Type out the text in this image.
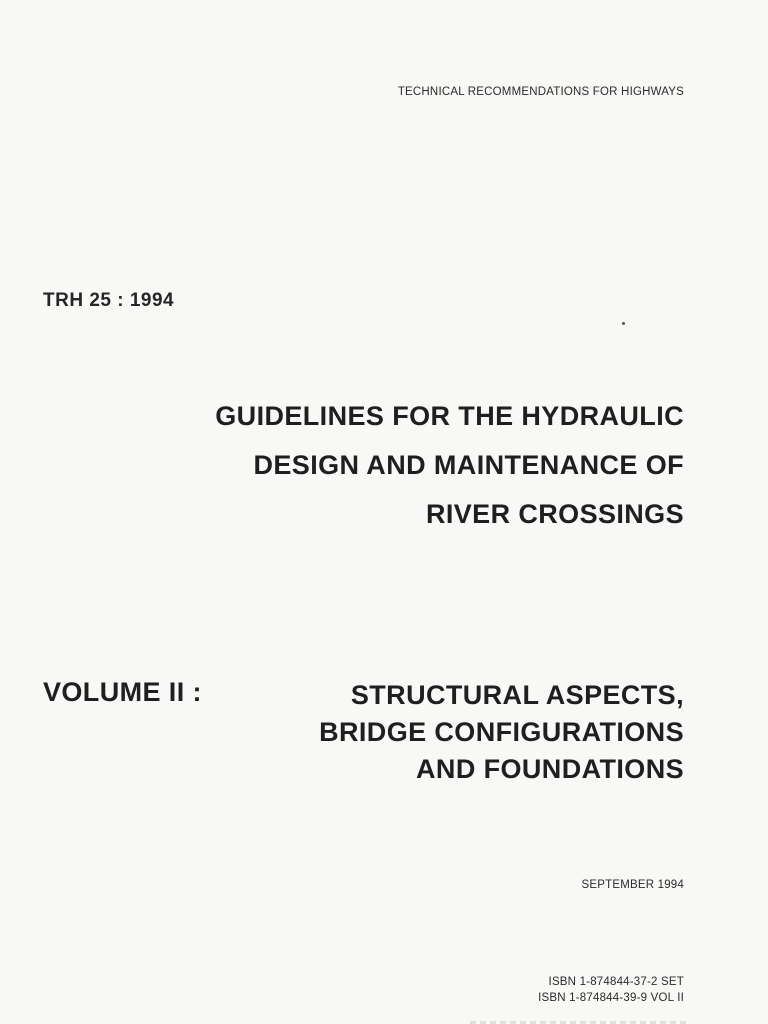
TECHNICAL RECOMMENDATIONS FOR HIGHWAYS
TRH 25 : 1994
GUIDELINES FOR THE HYDRAULIC
DESIGN AND MAINTENANCE OF
RIVER CROSSINGS
VOLUME II :	STRUCTURAL ASPECTS,
BRIDGE CONFIGURATIONS
AND FOUNDATIONS
SEPTEMBER 1994
ISBN 1-874844-37-2 SET
ISBN 1-874844-39-9 VOL II
